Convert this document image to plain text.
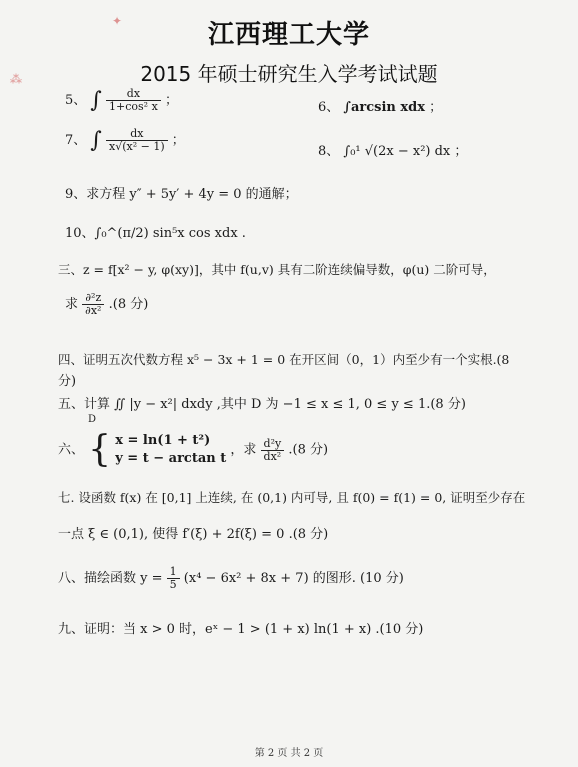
✦
⁂
江西理工大学
2015 年硕士研究生入学考试试题
5、 ∫ $\frac{dx}{\text{1+cos² x}}$ ；	6、 ∫arcsin xdx ；
7、 ∫ $\frac{dx}{\text{x√(x² − 1)}}$ ；
8、 ∫₀¹ √(2x − x²) dx ；
9、求方程 y″ + 5y′ + 4y = 0 的通解；
10、∫₀^(π/2) sin⁵x cos xdx .
三、z = f[x² − y, φ(xy)]，其中 f(u,v) 具有二阶连续偏导数，φ(u) 二阶可导，
求 $\frac{\text{∂²z}}{\text{∂x²}} .(8$ 分)
四、证明五次代数方程 x⁵ − 3x + 1 = 0 在开区间（0，1）内至少有一个实根.(8
分)
五、计算 ∬ |y − x²| dxdy ,其中 D 为 −1 ≤ x ≤ 1, 0 ≤ y ≤ 1.(8 分)
D
六、 { x = ln(1 + t²)
y = t − arctan t
，求 $\frac{\text{d²y}}{\text{dx²}} .(8$ 分)
七. 设函数 f(x) 在 [0,1] 上连续, 在 (0,1) 内可导, 且 f(0) = f(1) = 0, 证明至少存在
一点 ξ ∈ (0,1), 使得 f′(ξ) + 2f(ξ) = 0 .(8 分)
八、描绘函数 $y = \frac{1}{5} (x^4 - 6x^2 + 8x + 7)$ 的图形. (10 分)
九、证明：当 x > 0 时，eˣ − 1 > (1 + x) ln(1 + x) .(10 分)
第 2 页 共 2 页
